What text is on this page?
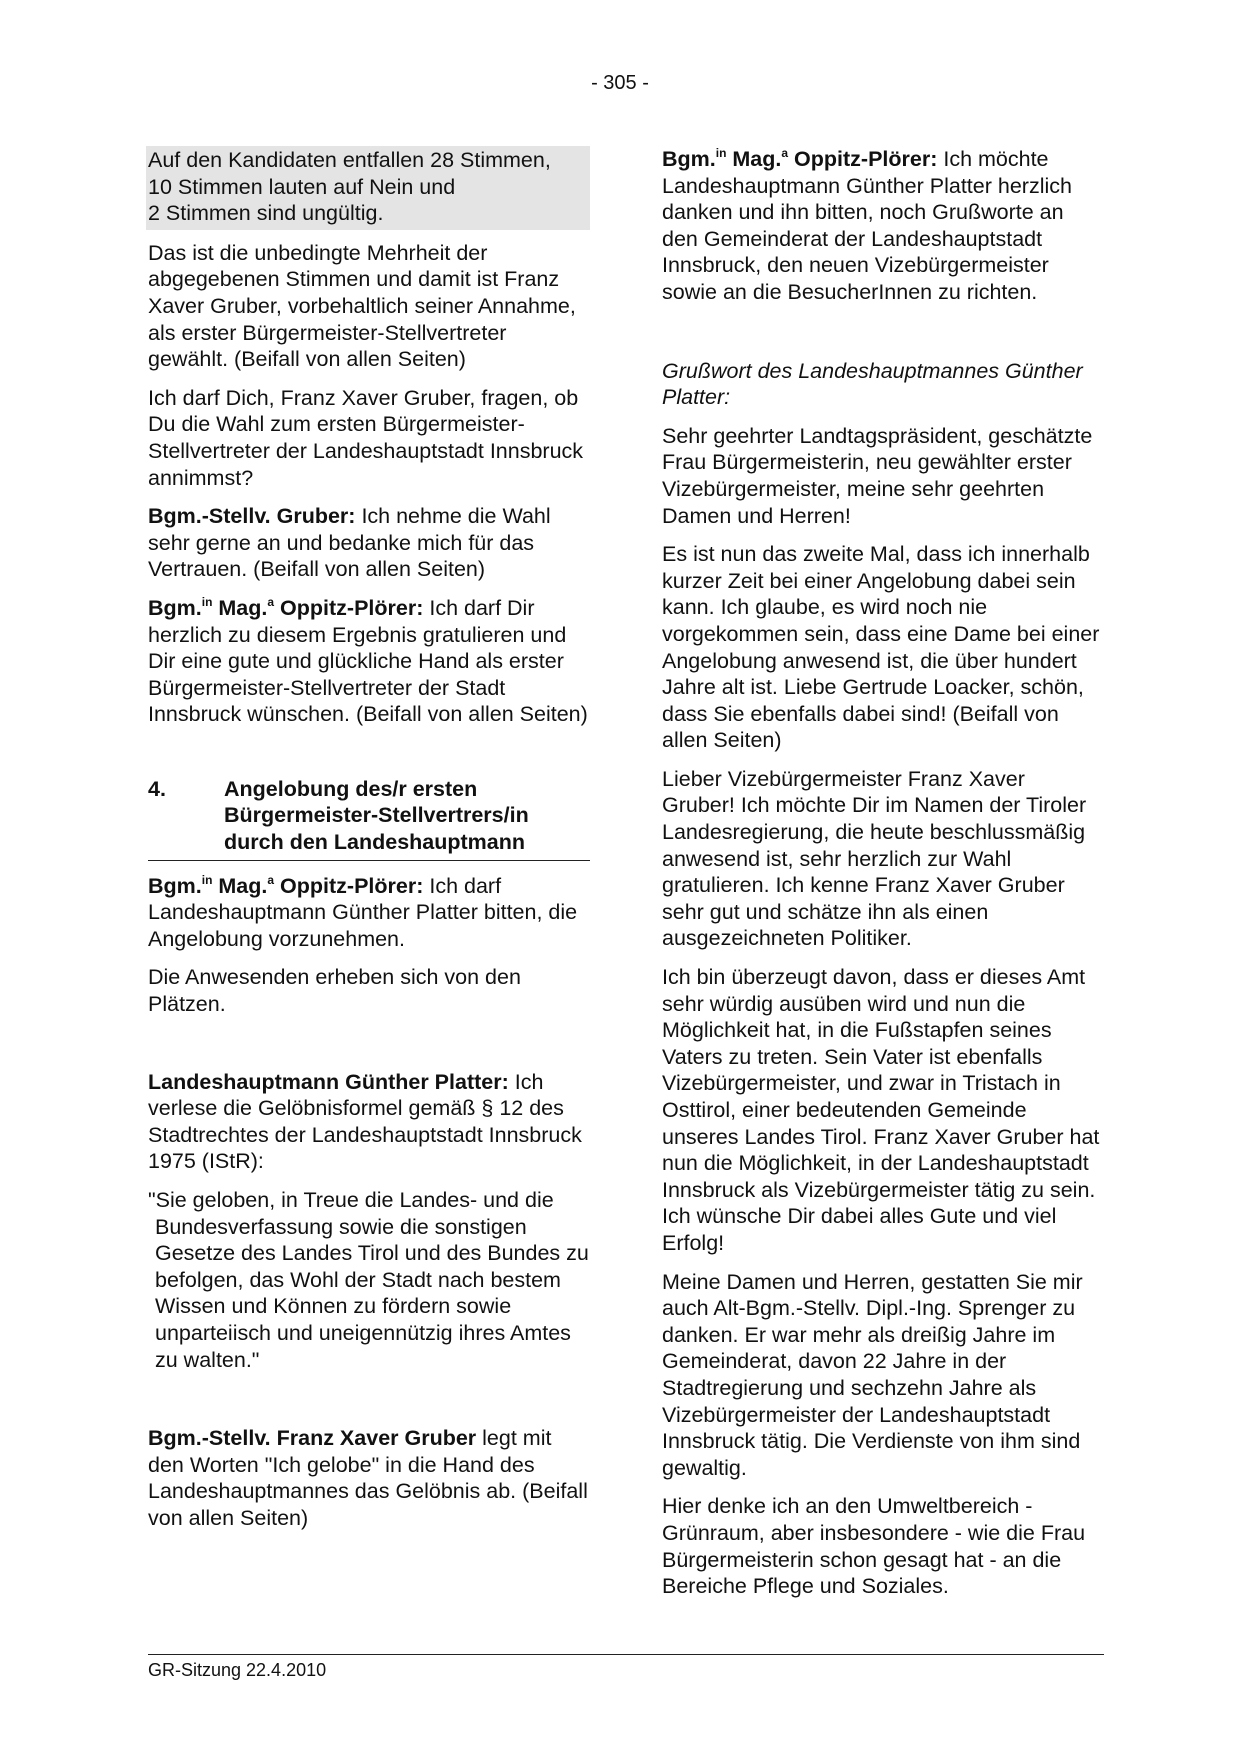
- 305 -
Auf den Kandidaten entfallen 28 Stimmen,
10 Stimmen lauten auf Nein und
2 Stimmen sind ungültig.

Das ist die unbedingte Mehrheit der abgegebenen Stimmen und damit ist Franz Xaver Gruber, vorbehaltlich seiner Annahme, als erster Bürgermeister-Stellvertreter gewählt. (Beifall von allen Seiten)

Ich darf Dich, Franz Xaver Gruber, fragen, ob Du die Wahl zum ersten Bürgermeister-Stellvertreter der Landeshauptstadt Innsbruck annimmst?

Bgm.-Stellv. Gruber: Ich nehme die Wahl sehr gerne an und bedanke mich für das Vertrauen. (Beifall von allen Seiten)

Bgm.$^{in}$ Mag.$^a$ Oppitz-Plörer: Ich darf Dir herzlich zu diesem Ergebnis gratulieren und Dir eine gute und glückliche Hand als erster Bürgermeister-Stellvertreter der Stadt Innsbruck wünschen. (Beifall von allen Seiten)

4.	Angelobung des/r ersten Bürgermeister-Stellvertrers/in durch den Landeshauptmann

Bgm.$^{in}$ Mag.$^a$ Oppitz-Plörer: Ich darf Landeshauptmann Günther Platter bitten, die Angelobung vorzunehmen.

Die Anwesenden erheben sich von den Plätzen.

Landeshauptmann Günther Platter: Ich verlese die Gelöbnisformel gemäß § 12 des Stadtrechtes der Landeshauptstadt Innsbruck 1975 (IStR):

"Sie geloben, in Treue die Landes- und die
Bundesverfassung sowie die sonstigen Gesetze des Landes Tirol und des Bundes zu befolgen, das Wohl der Stadt nach bestem Wissen und Können zu fördern sowie unparteiisch und uneigennützig ihres Amtes zu walten."

Bgm.-Stellv. Franz Xaver Gruber legt mit den Worten "Ich gelobe" in die Hand des Landeshauptmannes das Gelöbnis ab. (Beifall von allen Seiten)

Bgm.$^{in}$ Mag.$^a$ Oppitz-Plörer: Ich möchte Landeshauptmann Günther Platter herzlich danken und ihn bitten, noch Grußworte an den Gemeinderat der Landeshauptstadt Innsbruck, den neuen Vizebürgermeister sowie an die BesucherInnen zu richten.

Grußwort des Landeshauptmannes Günther Platter:

Sehr geehrter Landtagspräsident, geschätzte Frau Bürgermeisterin, neu gewählter erster Vizebürgermeister, meine sehr geehrten Damen und Herren!

Es ist nun das zweite Mal, dass ich innerhalb kurzer Zeit bei einer Angelobung dabei sein kann. Ich glaube, es wird noch nie vorgekommen sein, dass eine Dame bei einer Angelobung anwesend ist, die über hundert Jahre alt ist. Liebe Gertrude Loacker, schön, dass Sie ebenfalls dabei sind! (Beifall von allen Seiten)

Lieber Vizebürgermeister Franz Xaver Gruber! Ich möchte Dir im Namen der Tiroler Landesregierung, die heute beschlussmäßig anwesend ist, sehr herzlich zur Wahl gratulieren. Ich kenne Franz Xaver Gruber sehr gut und schätze ihn als einen ausgezeichneten Politiker.

Ich bin überzeugt davon, dass er dieses Amt sehr würdig ausüben wird und nun die Möglichkeit hat, in die Fußstapfen seines Vaters zu treten. Sein Vater ist ebenfalls Vizebürgermeister, und zwar in Tristach in Osttirol, einer bedeutenden Gemeinde unseres Landes Tirol. Franz Xaver Gruber hat nun die Möglichkeit, in der Landeshauptstadt Innsbruck als Vizebürgermeister tätig zu sein. Ich wünsche Dir dabei alles Gute und viel Erfolg!

Meine Damen und Herren, gestatten Sie mir auch Alt-Bgm.-Stellv. Dipl.-Ing. Sprenger zu danken. Er war mehr als dreißig Jahre im Gemeinderat, davon 22 Jahre in der Stadtregierung und sechzehn Jahre als Vizebürgermeister der Landeshauptstadt Innsbruck tätig. Die Verdienste von ihm sind gewaltig.

Hier denke ich an den Umweltbereich - Grünraum, aber insbesondere - wie die Frau Bürgermeisterin schon gesagt hat - an die Bereiche Pflege und Soziales.

GR-Sitzung 22.4.2010
